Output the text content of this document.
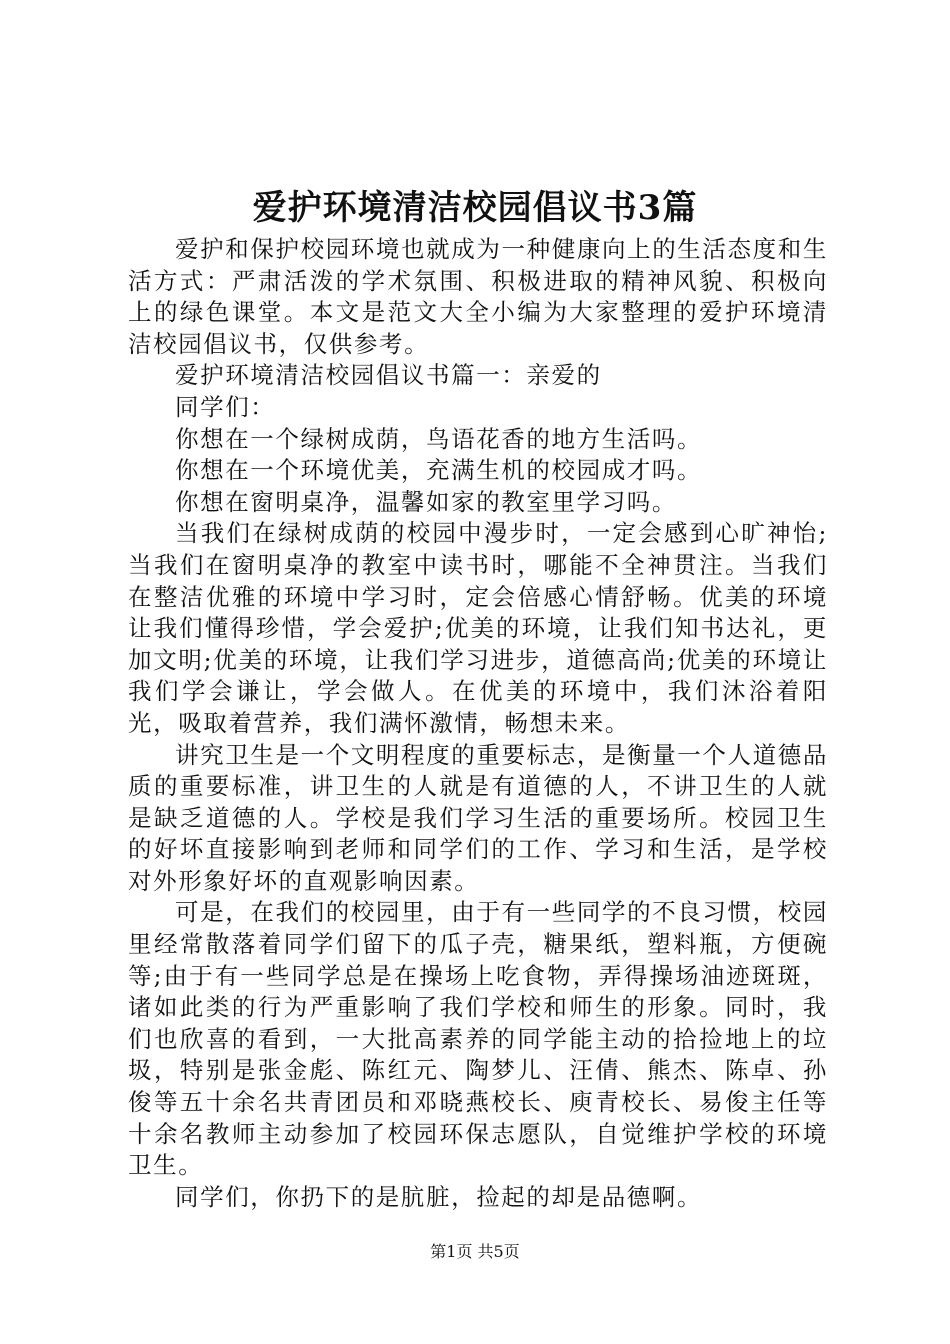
爱护环境清洁校园倡议书3篇

爱护和保护校园环境也就成为一种健康向上的生活态度和生活方式：严肃活泼的学术氛围、积极进取的精神风貌、积极向上的绿色课堂。本文是范文大全小编为大家整理的爱护环境清洁校园倡议书，仅供参考。

爱护环境清洁校园倡议书篇一：亲爱的

同学们：

你想在一个绿树成荫，鸟语花香的地方生活吗。

你想在一个环境优美，充满生机的校园成才吗。

你想在窗明桌净，温馨如家的教室里学习吗。

当我们在绿树成荫的校园中漫步时，一定会感到心旷神怡;当我们在窗明桌净的教室中读书时，哪能不全神贯注。当我们在整洁优雅的环境中学习时，定会倍感心情舒畅。优美的环境让我们懂得珍惜，学会爱护;优美的环境，让我们知书达礼，更加文明;优美的环境，让我们学习进步，道德高尚;优美的环境让我们学会谦让，学会做人。在优美的环境中，我们沐浴着阳光，吸取着营养，我们满怀激情，畅想未来。

讲究卫生是一个文明程度的重要标志，是衡量一个人道德品质的重要标准，讲卫生的人就是有道德的人，不讲卫生的人就是缺乏道德的人。学校是我们学习生活的重要场所。校园卫生的好坏直接影响到老师和同学们的工作、学习和生活，是学校对外形象好坏的直观影响因素。

可是，在我们的校园里，由于有一些同学的不良习惯，校园里经常散落着同学们留下的瓜子壳，糖果纸，塑料瓶，方便碗等;由于有一些同学总是在操场上吃食物，弄得操场油迹斑斑，诸如此类的行为严重影响了我们学校和师生的形象。同时，我们也欣喜的看到，一大批高素养的同学能主动的拾捡地上的垃圾，特别是张金彪、陈红元、陶梦儿、汪倩、熊杰、陈卓、孙俊等五十余名共青团员和邓晓燕校长、庾青校长、易俊主任等十余名教师主动参加了校园环保志愿队，自觉维护学校的环境卫生。

同学们，你扔下的是肮脏，捡起的却是品德啊。

第1页 共5页
